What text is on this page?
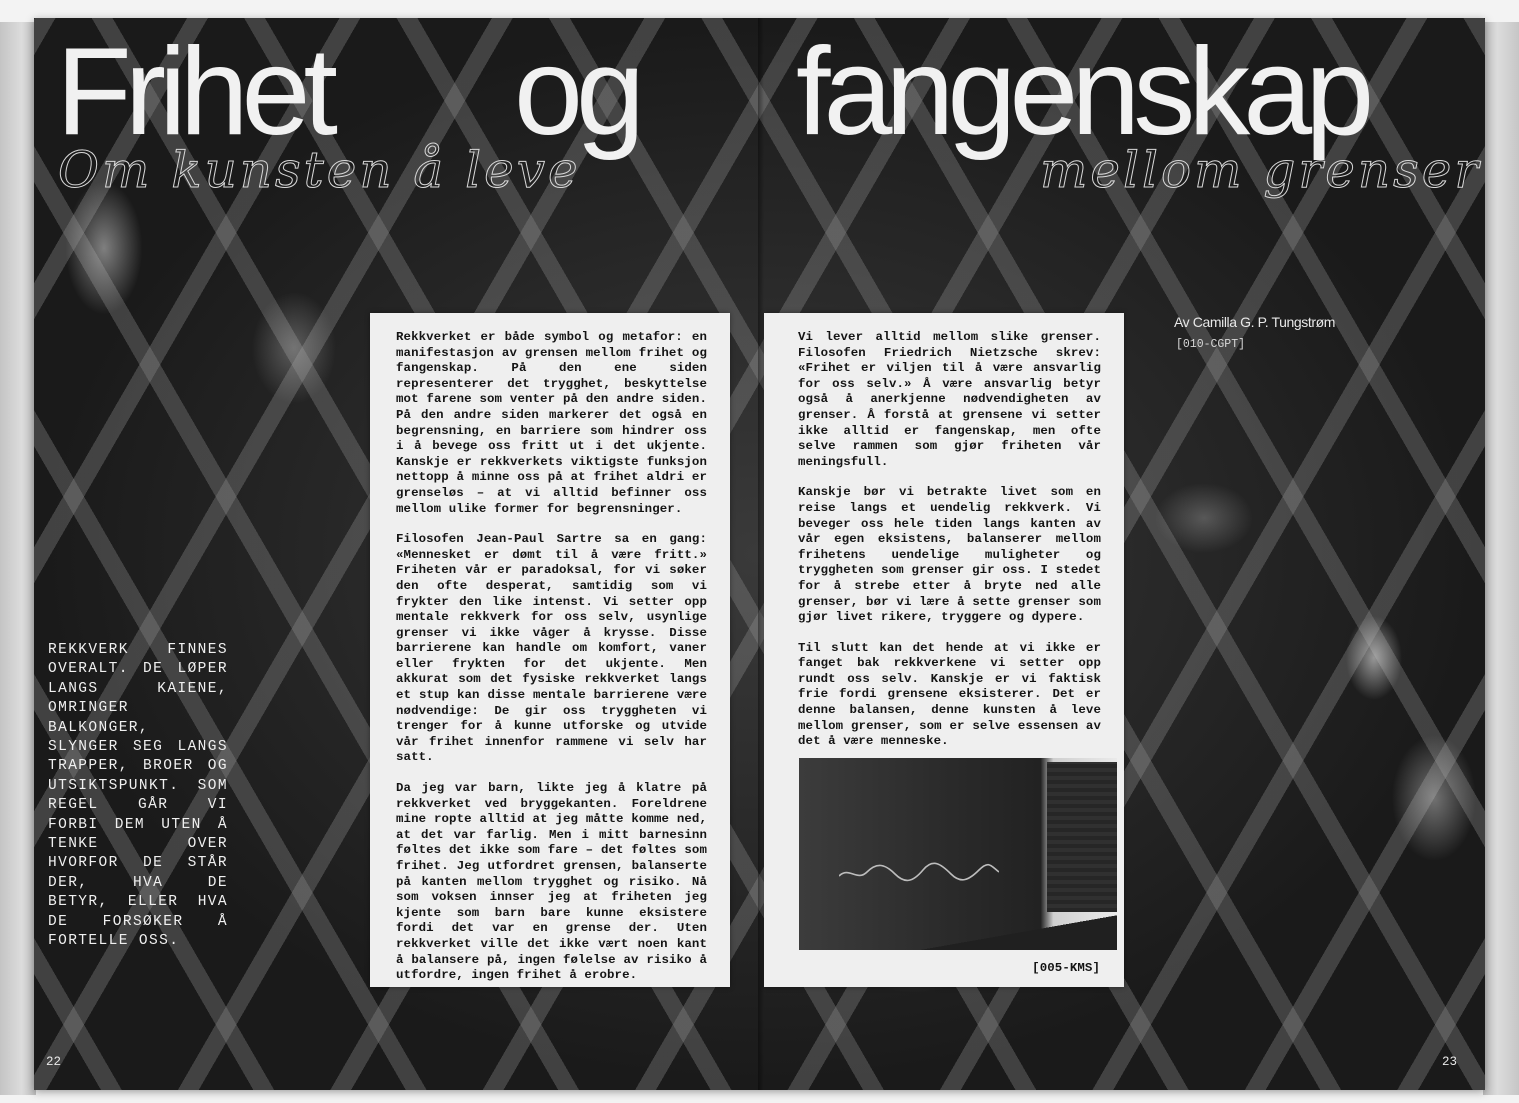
Frihet og fangenskap

Om kunsten å leve	mellom grenser

REKKVERK FINNES OVERALT. DE LØPER LANGS KAIENE, OMRINGER BALKONGER, SLYNGER SEG LANGS TRAPPER, BROER OG UTSIKTSPUNKT. SOM REGEL GÅR VI FORBI DEM UTEN Å TENKE OVER HVORFOR DE STÅR DER, HVA DE BETYR, ELLER HVA DE FORSØKER Å FORTELLE OSS.

Rekkverket er både symbol og metafor: en manifestasjon av grensen mellom frihet og fangenskap. På den ene siden representerer det trygghet, beskyttelse mot farene som venter på den andre siden. På den andre siden markerer det også en begrensning, en barriere som hindrer oss i å bevege oss fritt ut i det ukjente. Kanskje er rekkverkets viktigste funksjon nettopp å minne oss på at frihet aldri er grenseløs – at vi alltid befinner oss mellom ulike former for begrensninger.

Filosofen Jean-Paul Sartre sa en gang: «Mennesket er dømt til å være fritt.» Friheten vår er paradoksal, for vi søker den ofte desperat, samtidig som vi frykter den like intenst. Vi setter opp mentale rekkverk for oss selv, usynlige grenser vi ikke våger å krysse. Disse barrierene kan handle om komfort, vaner eller frykten for det ukjente. Men akkurat som det fysiske rekkverket langs et stup kan disse mentale barrierene være nødvendige: De gir oss tryggheten vi trenger for å kunne utforske og utvide vår frihet innenfor rammene vi selv har satt.

Da jeg var barn, likte jeg å klatre på rekkverket ved bryggekanten. Foreldrene mine ropte alltid at jeg måtte komme ned, at det var farlig. Men i mitt barnesinn føltes det ikke som fare – det føltes som frihet. Jeg utfordret grensen, balanserte på kanten mellom trygghet og risiko. Nå som voksen innser jeg at friheten jeg kjente som barn bare kunne eksistere fordi det var en grense der. Uten rekkverket ville det ikke vært noen kant å balansere på, ingen følelse av risiko å utfordre, ingen frihet å erobre.

Vi lever alltid mellom slike grenser. Filosofen Friedrich Nietzsche skrev: «Frihet er viljen til å være ansvarlig for oss selv.» Å være ansvarlig betyr også å anerkjenne nødvendigheten av grenser. Å forstå at grensene vi setter ikke alltid er fangenskap, men ofte selve rammen som gjør friheten vår meningsfull.

Kanskje bør vi betrakte livet som en reise langs et uendelig rekkverk. Vi beveger oss hele tiden langs kanten av vår egen eksistens, balanserer mellom frihetens uendelige muligheter og tryggheten som grenser gir oss. I stedet for å strebe etter å bryte ned alle grenser, bør vi lære å sette grenser som gjør livet rikere, tryggere og dypere.

Til slutt kan det hende at vi ikke er fanget bak rekkverkene vi setter opp rundt oss selv. Kanskje er vi faktisk frie fordi grensene eksisterer. Det er denne balansen, denne kunsten å leve mellom grenser, som er selve essensen av det å være menneske.

[005-KMS]

Av Camilla G. P. Tungstrøm

[010-CGPT]

22	23
